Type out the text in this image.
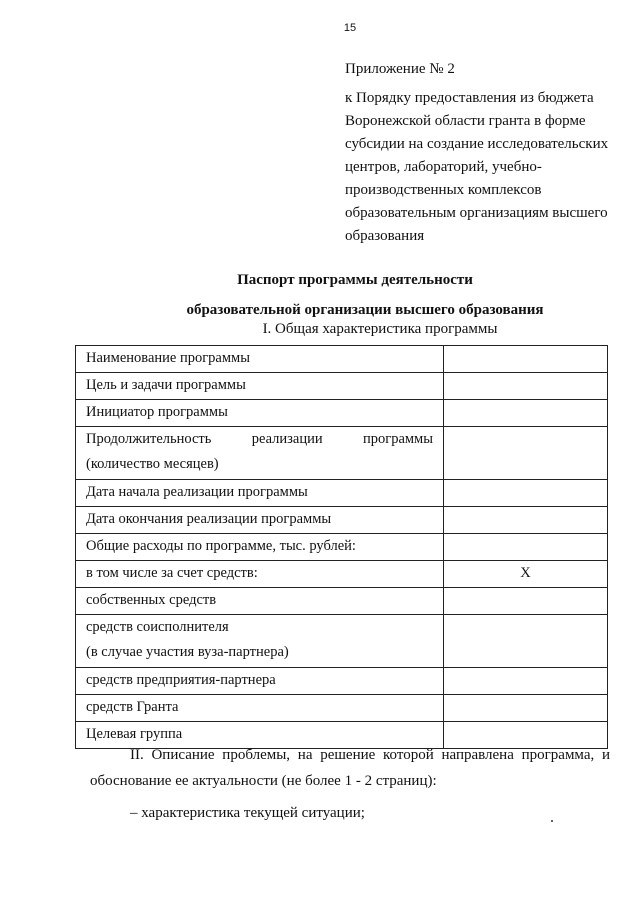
15
Приложение № 2
к Порядку предоставления из бюджета
Воронежской области гранта в форме
субсидии на создание исследовательских
центров, лабораторий, учебно-
производственных комплексов
образовательным организациям высшего
образования
Паспорт программы деятельности
образовательной организации высшего образования
I. Общая характеристика программы
Наименование программы	
Цель и задачи программы	
Инициатор программы	

Продолжительность реализации программы
(количество месяцев)	

Дата начала реализации программы	
Дата окончания реализации программы	
Общие расходы по программе, тыс. рублей:	
в том числе за счет средств:	X
собственных средств	

средств соисполнителя
(в случае участия вуза-партнера)	

средств предприятия-партнера	
средств Гранта	
Целевая группа	
II. Описание проблемы, на решение которой направлена программа, и
обоснование ее актуальности (не более 1 - 2 страниц):
– характеристика текущей ситуации;
